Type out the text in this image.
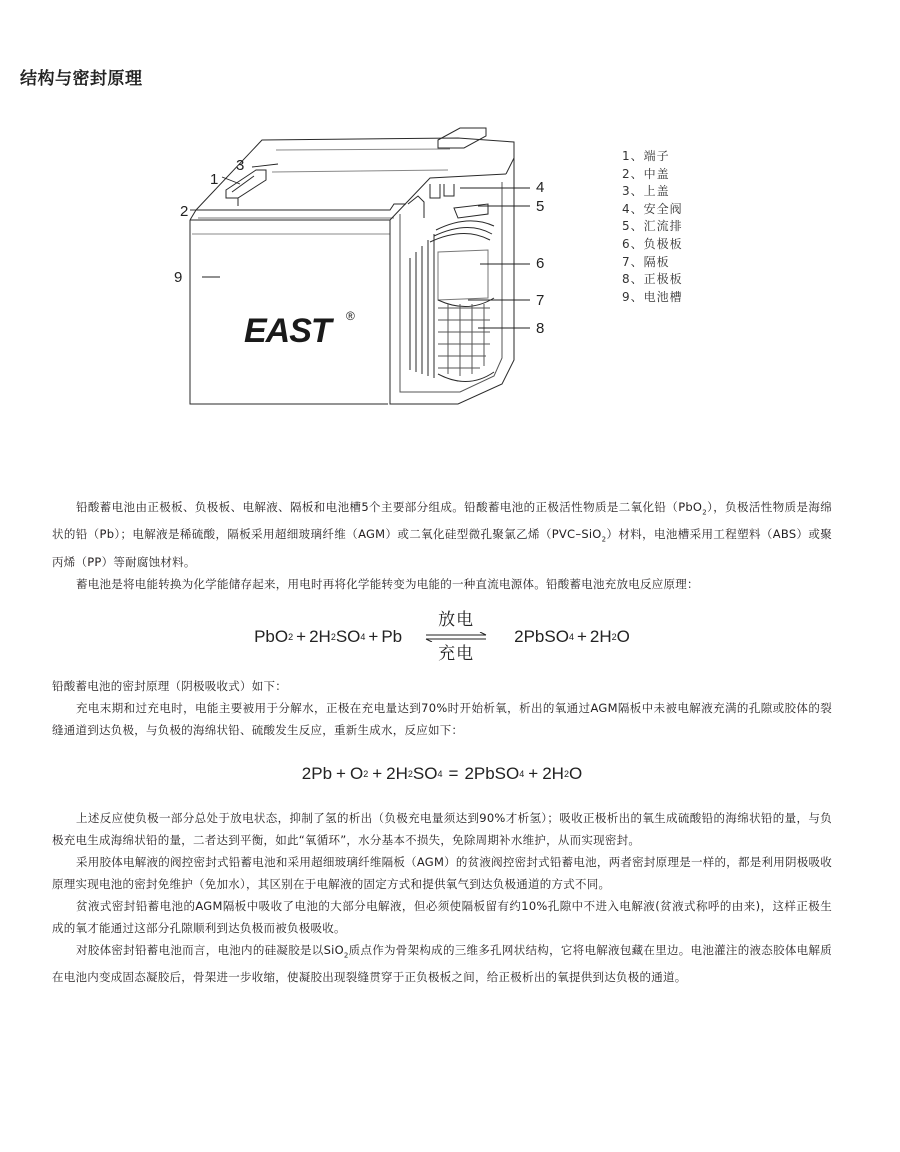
结构与密封原理
1
2
3
4
5
6
7
8
9
EAST	®
1、端子
2、中盖
3、上盖
4、安全阀
5、汇流排
6、负极板
7、隔板
8、正极板
9、电池槽

铅酸蓄电池由正极板、负极板、电解液、隔板和电池槽5个主要部分组成。铅酸蓄电池的正极活性物质是二氧化铅（PbO$_2$），负极活性物质是海绵状的铅（Pb）；电解液是稀硫酸，隔板采用超细玻璃纤维（AGM）或二氧化硅型微孔聚氯乙烯（PVC–SiO$_2$）材料，电池槽采用工程塑料（ABS）或聚丙烯（PP）等耐腐蚀材料。

蓄电池是将电能转换为化学能储存起来，用电时再将化学能转变为电能的一种直流电源体。铅酸蓄电池充放电反应原理：

PbO 2 + 2H 2 SO 4 + Pb
放电
充电
2PbSO 4 + 2H 2 O

铅酸蓄电池的密封原理（阴极吸收式）如下：

充电末期和过充电时，电能主要被用于分解水，正极在充电量达到70%时开始析氧，析出的氧通过AGM隔板中未被电解液充满的孔隙或胶体的裂缝通道到达负极，与负极的海绵状铅、硫酸发生反应，重新生成水，反应如下：

2Pb + O 2 + 2H 2 SO 4 = 2PbSO 4 + 2H 2 O

上述反应使负极一部分总处于放电状态，抑制了氢的析出（负极充电量须达到90%才析氢）；吸收正极析出的氧生成硫酸铅的海绵状铅的量，与负极充电生成海绵状铅的量，二者达到平衡，如此“氧循环”，水分基本不损失，免除周期补水维护，从而实现密封。

采用胶体电解液的阀控密封式铅蓄电池和采用超细玻璃纤维隔板（AGM）的贫液阀控密封式铅蓄电池，两者密封原理是一样的，都是利用阴极吸收原理实现电池的密封免维护（免加水），其区别在于电解液的固定方式和提供氧气到达负极通道的方式不同。

贫液式密封铅蓄电池的AGM隔板中吸收了电池的大部分电解液，但必须使隔板留有约10%孔隙中不进入电解液(贫液式称呼的由来)，这样正极生成的氧才能通过这部分孔隙顺利到达负极而被负极吸收。

对胶体密封铅蓄电池而言，电池内的硅凝胶是以SiO$_2$质点作为骨架构成的三维多孔网状结构，它将电解液包藏在里边。电池灌注的液态胶体电解质在电池内变成固态凝胶后，骨架进一步收缩，使凝胶出现裂缝贯穿于正负极板之间，给正极析出的氧提供到达负极的通道。
